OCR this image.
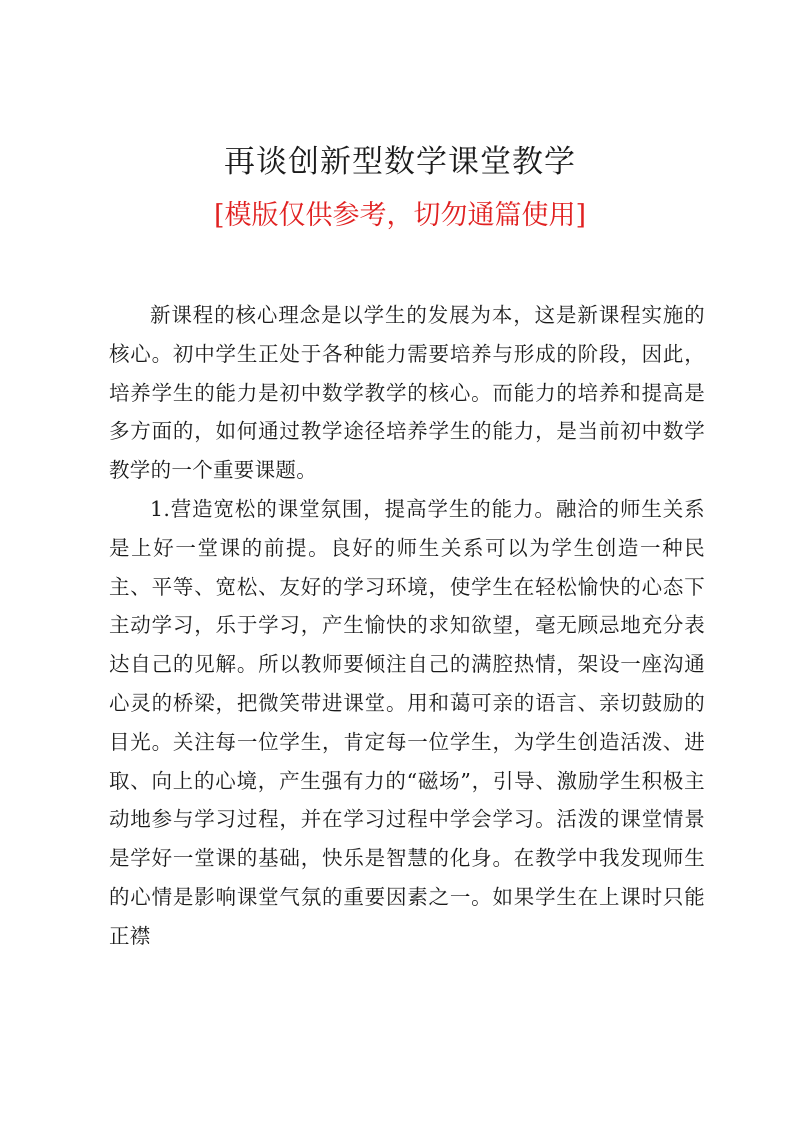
再谈创新型数学课堂教学
[模版仅供参考，切勿通篇使用]

新课程的核心理念是以学生的发展为本，这是新课程实施的核心。初中学生正处于各种能力需要培养与形成的阶段，因此，培养学生的能力是初中数学教学的核心。而能力的培养和提高是多方面的，如何通过教学途径培养学生的能力，是当前初中数学教学的一个重要课题。

1.营造宽松的课堂氛围，提高学生的能力。融洽的师生关系是上好一堂课的前提。良好的师生关系可以为学生创造一种民主、平等、宽松、友好的学习环境，使学生在轻松愉快的心态下主动学习，乐于学习，产生愉快的求知欲望，毫无顾忌地充分表达自己的见解。所以教师要倾注自己的满腔热情，架设一座沟通心灵的桥梁，把微笑带进课堂。用和蔼可亲的语言、亲切鼓励的目光。关注每一位学生，肯定每一位学生，为学生创造活泼、进取、向上的心境，产生强有力的“磁场”，引导、激励学生积极主动地参与学习过程，并在学习过程中学会学习。活泼的课堂情景是学好一堂课的基础，快乐是智慧的化身。在教学中我发现师生的心情是影响课堂气氛的重要因素之一。如果学生在上课时只能正襟
